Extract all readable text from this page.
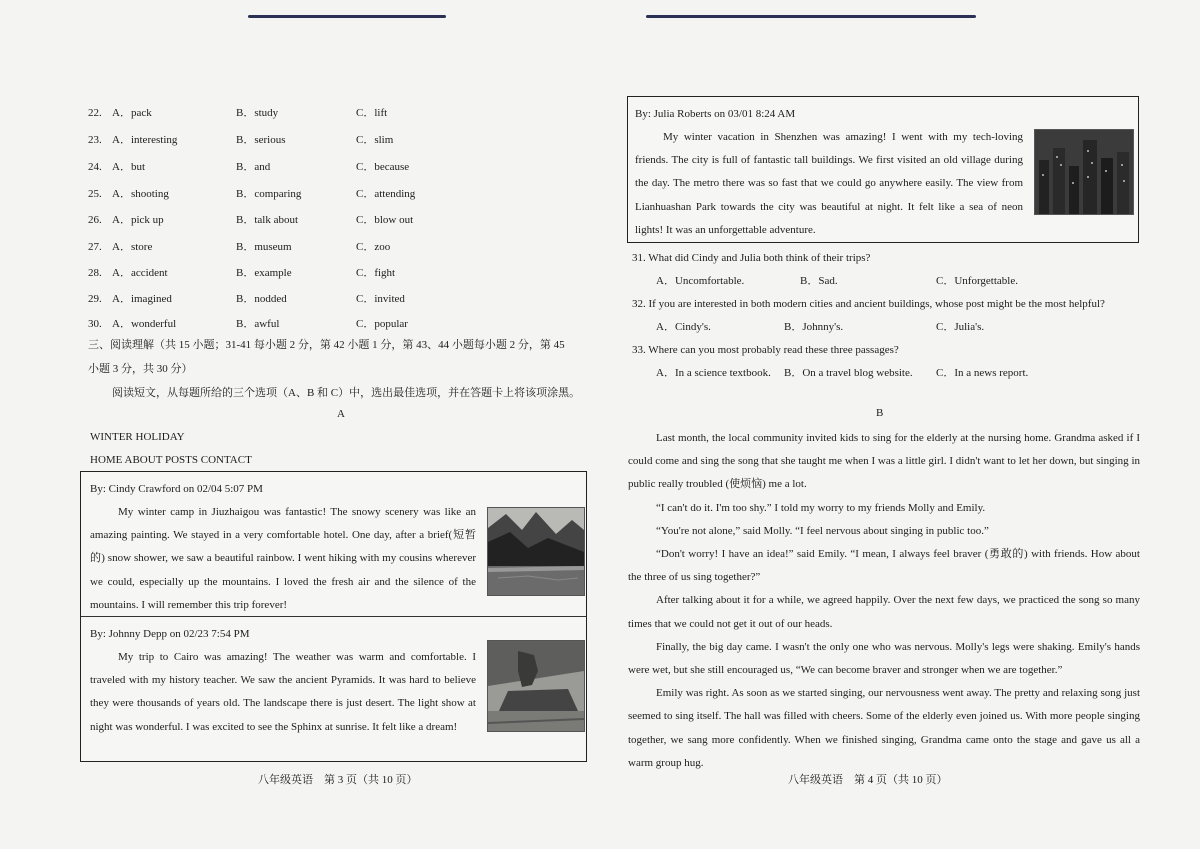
22. A．pack	B．study	C．lift
23. A．interesting	B．serious	C．slim
24. A．but	B．and	C．because
25. A．shooting	B．comparing	C．attending
26. A．pick up	B．talk about	C．blow out
27. A．store	B．museum	C．zoo
28. A．accident	B．example	C．fight
29. A．imagined	B．nodded	C．invited
30. A．wonderful	B．awful	C．popular
三、阅读理解（共 15 小题；31-41 每小题 2 分，第 42 小题 1 分，第 43、44 小题每小题 2 分，第 45
小题 3 分，共 30 分）
阅读短文，从每题所给的三个选项（A、B 和 C）中，选出最佳选项，并在答题卡上将该项涂黑。
A
WINTER HOLIDAY
HOME ABOUT POSTS CONTACT
By: Cindy Crawford on 02/04 5:07 PM
My winter camp in Jiuzhaigou was fantastic! The snowy scenery was like an amazing painting. We stayed in a very comfortable hotel. One day, after a brief(短暂的) snow shower, we saw a beautiful rainbow. I went hiking with my cousins wherever we could, especially up the mountains. I loved the fresh air and the silence of the mountains. I will remember this trip forever!
By: Johnny Depp on 02/23 7:54 PM
My trip to Cairo was amazing! The weather was warm and comfortable. I traveled with my history teacher. We saw the ancient Pyramids. It was hard to believe they were thousands of years old. The landscape there is just desert. The light show at night was wonderful. I was excited to see the Sphinx at sunrise. It felt like a dream!
八年级英语　第 3 页（共 10 页）
By: Julia Roberts on 03/01 8:24 AM
My winter vacation in Shenzhen was amazing! I went with my tech-loving friends. The city is full of fantastic tall buildings. We first visited an old village during the day. The metro there was so fast that we could go anywhere easily. The view from Lianhuashan Park towards the city was beautiful at night. It felt like a sea of neon lights! It was an unforgettable adventure.
31. What did Cindy and Julia both think of their trips?
A．Uncomfortable.	B．Sad.	C．Unforgettable.
32. If you are interested in both modern cities and ancient buildings, whose post might be the most helpful?
A．Cindy's.	B．Johnny's.	C．Julia's.
33. Where can you most probably read these three passages?
A．In a science textbook. B．On a travel blog website. C．In a news report.
B
Last month, the local community invited kids to sing for the elderly at the nursing home. Grandma asked if I could come and sing the song that she taught me when I was a little girl. I didn't want to let her down, but singing in public really troubled (使烦恼) me a lot.
“I can't do it. I'm too shy.” I told my worry to my friends Molly and Emily.
“You're not alone,” said Molly. “I feel nervous about singing in public too.”
“Don't worry! I have an idea!” said Emily. “I mean, I always feel braver (勇敢的) with friends. How about the three of us sing together?”
After talking about it for a while, we agreed happily. Over the next few days, we practiced the song so many times that we could not get it out of our heads.
Finally, the big day came. I wasn't the only one who was nervous. Molly's legs were shaking. Emily's hands were wet, but she still encouraged us, “We can become braver and stronger when we are together.”
Emily was right. As soon as we started singing, our nervousness went away. The pretty and relaxing song just seemed to sing itself. The hall was filled with cheers. Some of the elderly even joined us. With more people singing together, we sang more confidently. When we finished singing, Grandma came onto the stage and gave us all a warm group hug.
八年级英语　第 4 页（共 10 页）
